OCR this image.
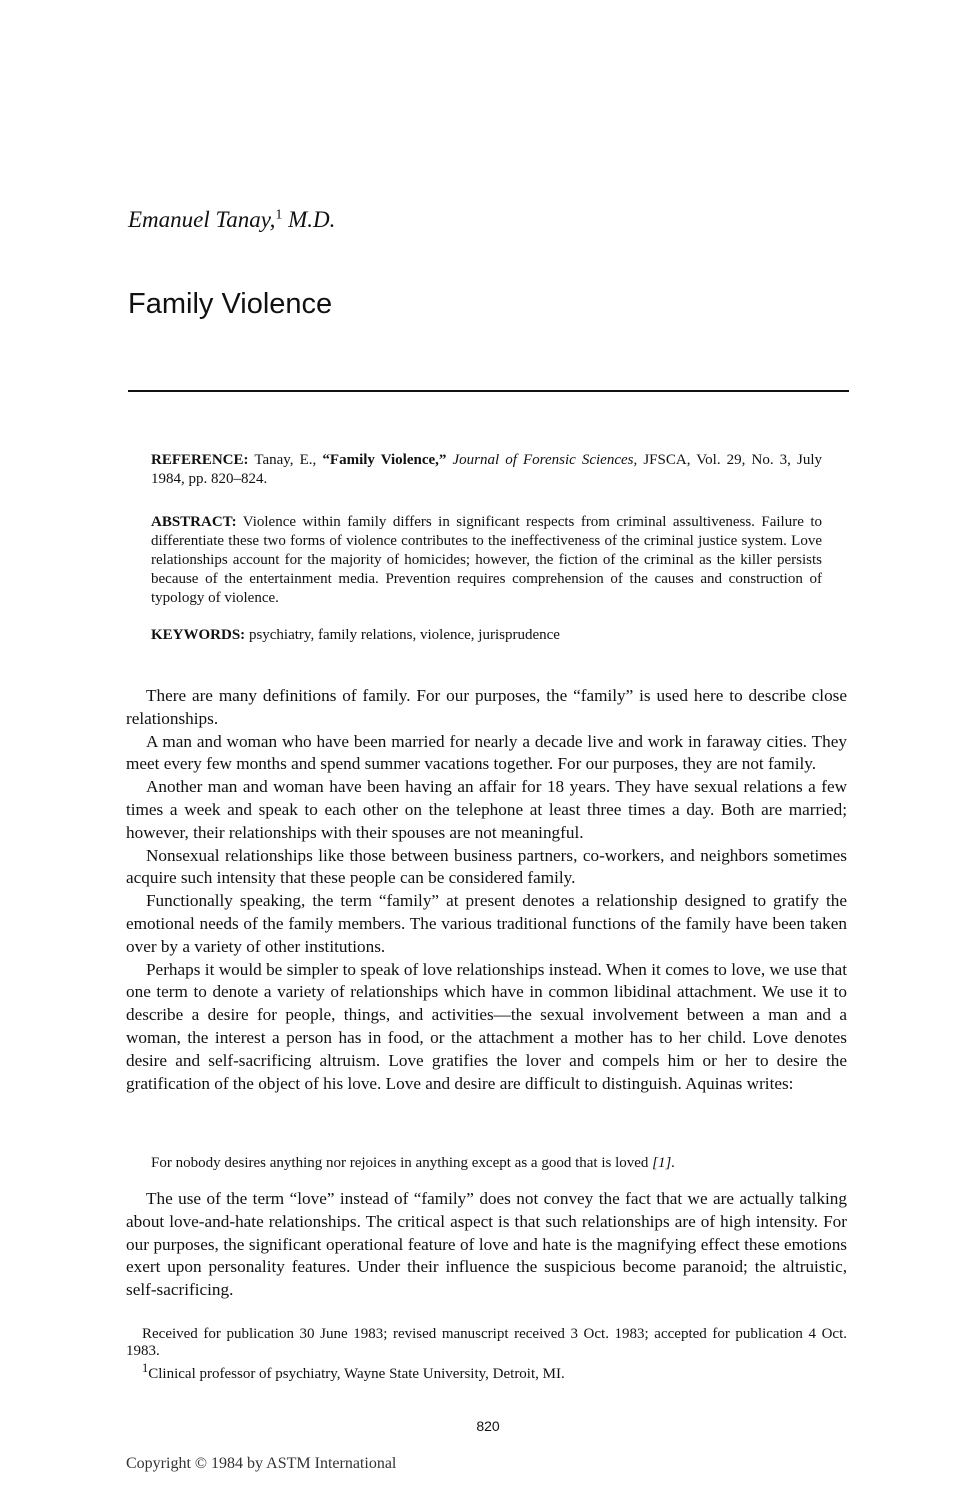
Emanuel Tanay,$^1$ M.D.
Family Violence
REFERENCE: Tanay, E., “Family Violence,” Journal of Forensic Sciences, JFSCA, Vol. 29, No. 3, July 1984, pp. 820–824.
ABSTRACT: Violence within family differs in significant respects from criminal assultiveness. Failure to differentiate these two forms of violence contributes to the ineffectiveness of the criminal justice system. Love relationships account for the majority of homicides; however, the fiction of the criminal as the killer persists because of the entertainment media. Prevention requires comprehension of the causes and construction of typology of violence.
KEYWORDS: psychiatry, family relations, violence, jurisprudence

There are many definitions of family. For our purposes, the “family” is used here to describe close relationships.

A man and woman who have been married for nearly a decade live and work in faraway cities. They meet every few months and spend summer vacations together. For our purposes, they are not family.

Another man and woman have been having an affair for 18 years. They have sexual relations a few times a week and speak to each other on the telephone at least three times a day. Both are married; however, their relationships with their spouses are not meaningful.

Nonsexual relationships like those between business partners, co-workers, and neighbors sometimes acquire such intensity that these people can be considered family.

Functionally speaking, the term “family” at present denotes a relationship designed to gratify the emotional needs of the family members. The various traditional functions of the family have been taken over by a variety of other institutions.

Perhaps it would be simpler to speak of love relationships instead. When it comes to love, we use that one term to denote a variety of relationships which have in common libidinal attachment. We use it to describe a desire for people, things, and activities—the sexual involvement between a man and a woman, the interest a person has in food, or the attachment a mother has to her child. Love denotes desire and self-sacrificing altruism. Love gratifies the lover and compels him or her to desire the gratification of the object of his love. Love and desire are difficult to distinguish. Aquinas writes:

For nobody desires anything nor rejoices in anything except as a good that is loved [1].

The use of the term “love” instead of “family” does not convey the fact that we are actually talking about love-and-hate relationships. The critical aspect is that such relationships are of high intensity. For our purposes, the significant operational feature of love and hate is the magnifying effect these emotions exert upon personality features. Under their influence the suspicious become paranoid; the altruistic, self-sacrificing.

Received for publication 30 June 1983; revised manuscript received 3 Oct. 1983; accepted for publication 4 Oct. 1983.

$^1$Clinical professor of psychiatry, Wayne State University, Detroit, MI.

820
Copyright © 1984 by ASTM International
